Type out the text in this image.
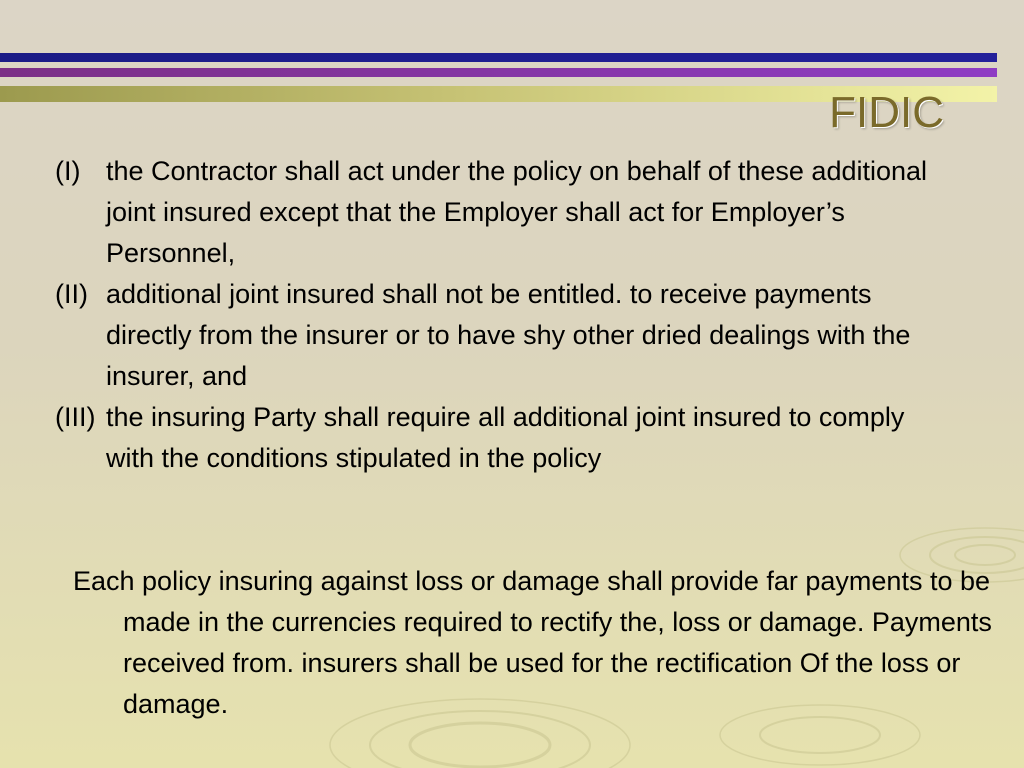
FIDIC
(I) the Contractor shall act under the policy on behalf of these additional joint insured except that the Employer shall act for Employer’s Personnel,
(II) additional joint insured shall not be entitled. to receive payments directly from the insurer or to have shy other dried dealings with the insurer, and
(III) the insuring Party shall require all additional joint insured to comply with the conditions stipulated in the policy

Each policy insuring against loss or damage shall provide far payments to be made in the currencies required to rectify the, loss or damage. Payments received from. insurers shall be used for the rectification Of the loss or damage.
